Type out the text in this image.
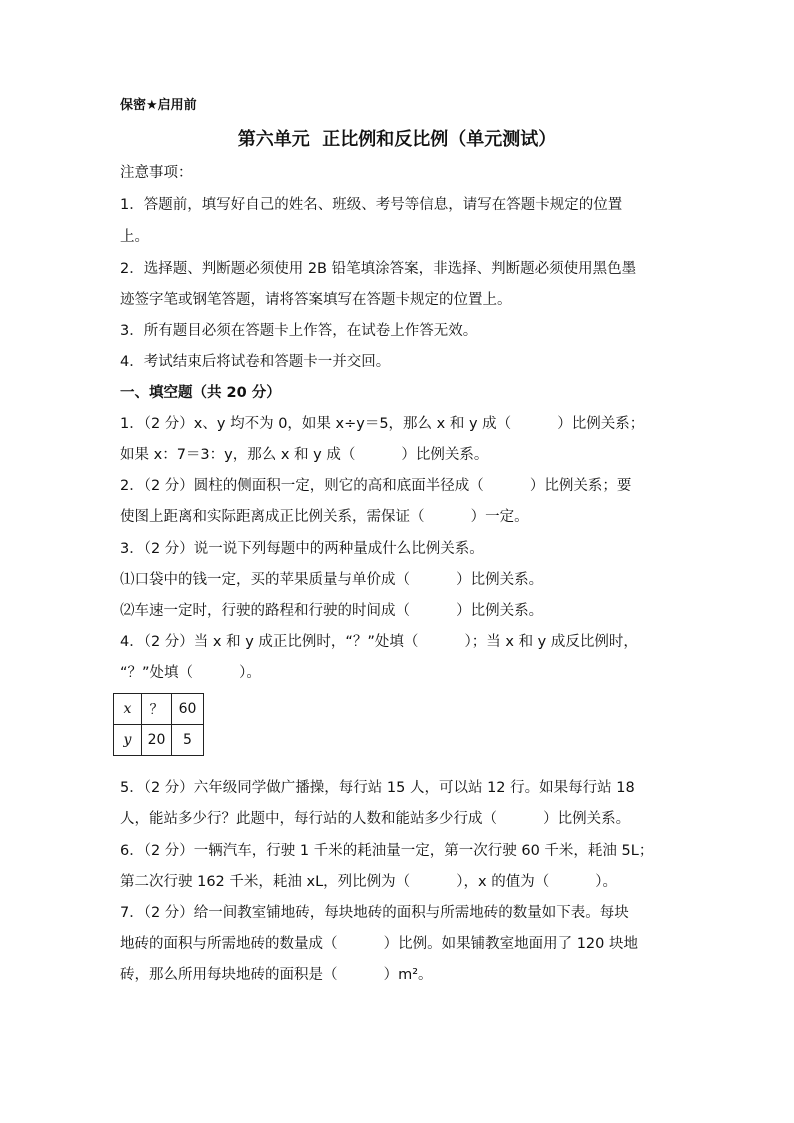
保密★启用前
第六单元  正比例和反比例（单元测试）
注意事项：
1．答题前，填写好自己的姓名、班级、考号等信息，请写在答题卡规定的位置
上。
2．选择题、判断题必须使用 2B 铅笔填涂答案，非选择、判断题必须使用黑色墨
迹签字笔或钢笔答题，请将答案填写在答题卡规定的位置上。
3．所有题目必须在答题卡上作答，在试卷上作答无效。
4．考试结束后将试卷和答题卡一并交回。
一、填空题（共 20 分）
1．（2 分）x、y 均不为 0，如果 x÷y＝5，那么 x 和 y 成（          ）比例关系；
如果 x：7＝3：y，那么 x 和 y 成（          ）比例关系。
2．（2 分）圆柱的侧面积一定，则它的高和底面半径成（          ）比例关系；要
使图上距离和实际距离成正比例关系，需保证（          ）一定。
3．（2 分）说一说下列每题中的两种量成什么比例关系。
⑴口袋中的钱一定，买的苹果质量与单价成（          ）比例关系。
⑵车速一定时，行驶的路程和行驶的时间成（          ）比例关系。
4．（2 分）当 x 和 y 成正比例时，“？”处填（          ）；当 x 和 y 成反比例时，
“？”处填（          ）。
x	？	60
y	20	5
5．（2 分）六年级同学做广播操，每行站 15 人，可以站 12 行。如果每行站 18
人，能站多少行？此题中，每行站的人数和能站多少行成（          ）比例关系。
6．（2 分）一辆汽车，行驶 1 千米的耗油量一定，第一次行驶 60 千米，耗油 5L；
第二次行驶 162 千米，耗油 xL，列比例为（          ），x 的值为（          ）。
7．（2 分）给一间教室铺地砖，每块地砖的面积与所需地砖的数量如下表。每块
地砖的面积与所需地砖的数量成（          ）比例。如果铺教室地面用了 120 块地
砖，那么所用每块地砖的面积是（          ）m²。
